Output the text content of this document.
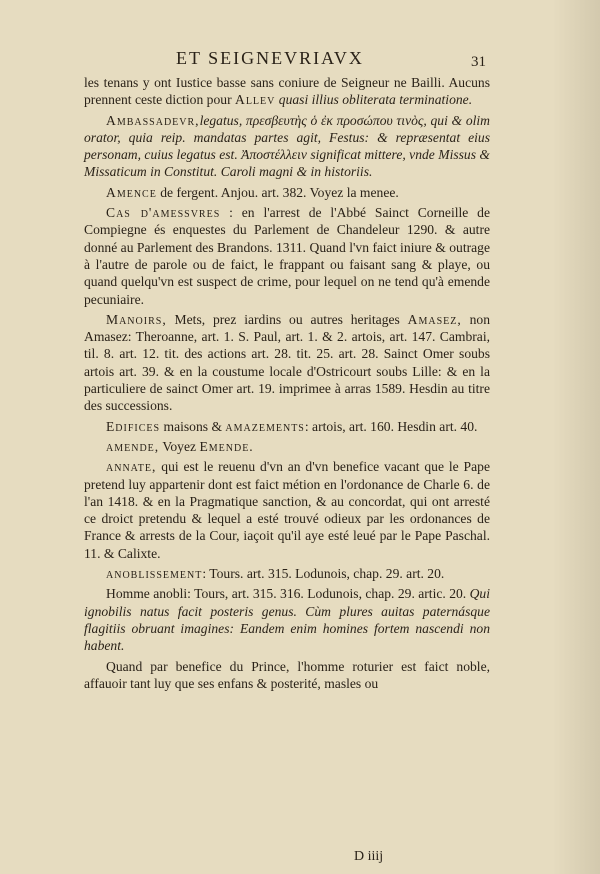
ET SEIGNEVRIAVX	31

les tenans y ont Iustice basse sans coniure de Seigneur ne Bailli. Aucuns prennent ceste diction pour Allev quasi illius obliterata terminatione.

Ambassadevr,legatus, πρεσβευτὴς ὁ ἐκ προσώπου τινὸς, qui & olim orator, quia reip. mandatas partes agit, Festus: & repræsentat eius personam, cuius legatus est. Ἀποστέλλειν significat mittere, vnde Missus & Missaticum in Constitut. Caroli magni & in historiis.

Amence de fergent. Anjou. art. 382. Voyez la menee.

Cas d'amessvres : en l'arrest de l'Abbé Sainct Corneille de Compiegne és enquestes du Parlement de Chandeleur 1290. & autre donné au Parlement des Brandons. 1311. Quand l'vn faict iniure & outrage à l'autre de parole ou de faict, le frappant ou faisant sang & playe, ou quand quelqu'vn est suspect de crime, pour lequel on ne tend qu'à emende pecuniaire.

Manoirs, Mets, prez iardins ou autres heritages Amasez, non Amasez: Theroanne, art. 1. S. Paul, art. 1. & 2. artois, art. 147. Cambrai, til. 8. art. 12. tit. des actions art. 28. tit. 25. art. 28. Sainct Omer soubs artois art. 39. & en la coustume locale d'Ostricourt soubs Lille: & en la particuliere de sainct Omer art. 19. imprimee à arras 1589. Hesdin au titre des successions.

Edifices maisons & amazements: artois, art. 160. Hesdin art. 40.

amende, Voyez Emende.

annate, qui est le reuenu d'vn an d'vn benefice vacant que le Pape pretend luy appartenir dont est faict métion en l'ordonance de Charle 6. de l'an 1418. & en la Pragmatique sanction, & au concordat, qui ont arresté ce droict pretendu & lequel a esté trouvé odieux par les ordonances de France & arrests de la Cour, iaçoit qu'il aye esté leué par le Pape Paschal. 11. & Calixte.

anoblissement: Tours. art. 315. Lodunois, chap. 29. art. 20.

Homme anobli: Tours, art. 315. 316. Lodunois, chap. 29. artic. 20. Qui ignobilis natus facit posteris genus. Cùm plures auitas paternásque flagitiis obruant imagines: Eandem enim homines fortem nascendi non habent.

Quand par benefice du Prince, l'homme roturier est faict noble, affauoir tant luy que ses enfans & posterité, masles ou

D iiij
